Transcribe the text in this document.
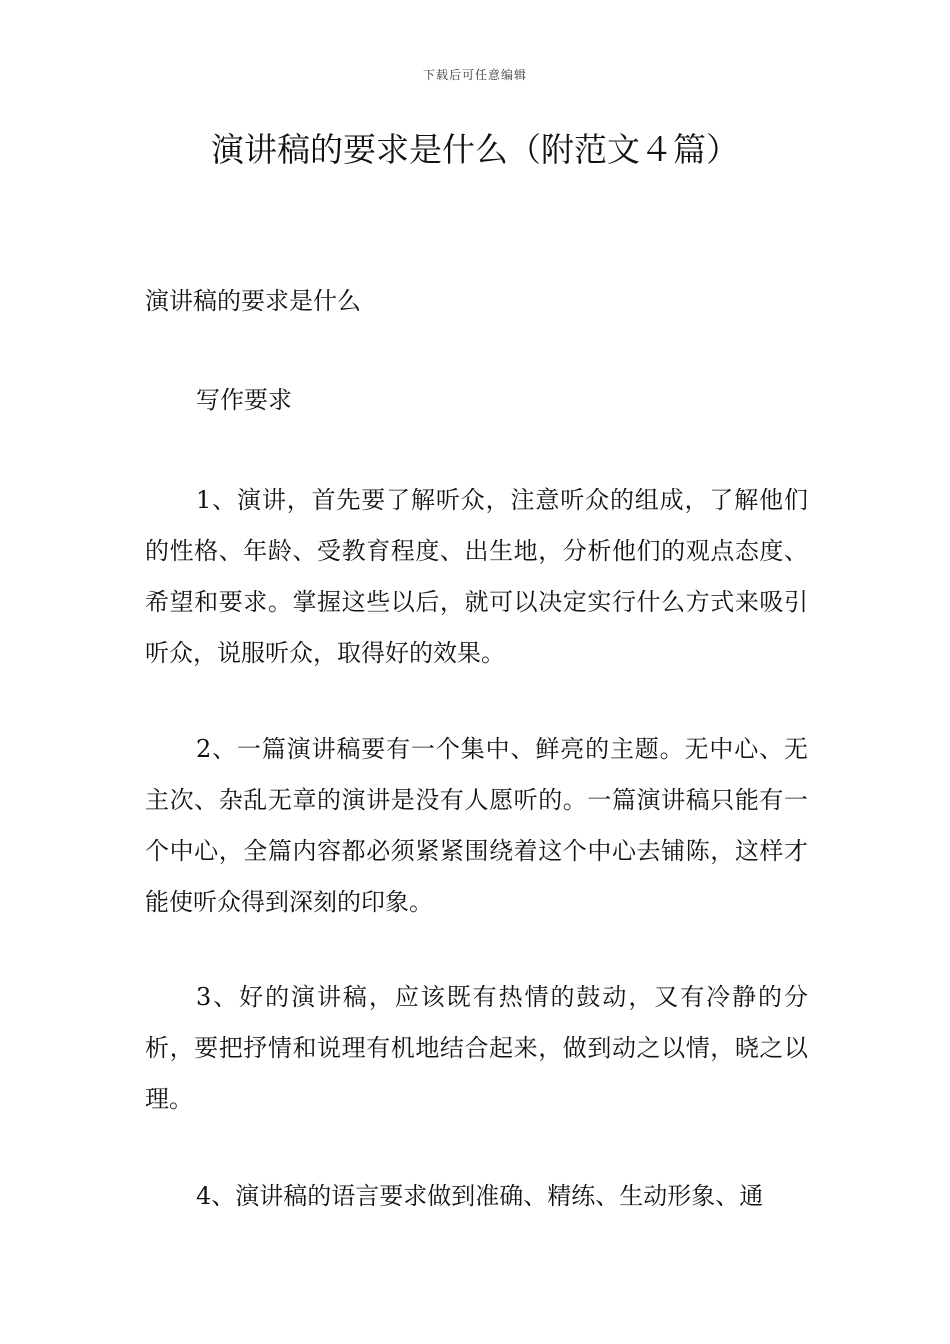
下载后可任意编辑
演讲稿的要求是什么（附范文４篇）
演讲稿的要求是什么
写作要求

1、演讲，首先要了解听众，注意听众的组成，了解他们的性格、年龄、受教育程度、出生地，分析他们的观点态度、希望和要求。掌握这些以后，就可以决定实行什么方式来吸引听众，说服听众，取得好的效果。

2、一篇演讲稿要有一个集中、鲜亮的主题。无中心、无主次、杂乱无章的演讲是没有人愿听的。一篇演讲稿只能有一个中心，全篇内容都必须紧紧围绕着这个中心去铺陈，这样才能使听众得到深刻的印象。

3、好的演讲稿，应该既有热情的鼓动，又有冷静的分析，要把抒情和说理有机地结合起来，做到动之以情，晓之以理。

4、演讲稿的语言要求做到准确、精练、生动形象、通
